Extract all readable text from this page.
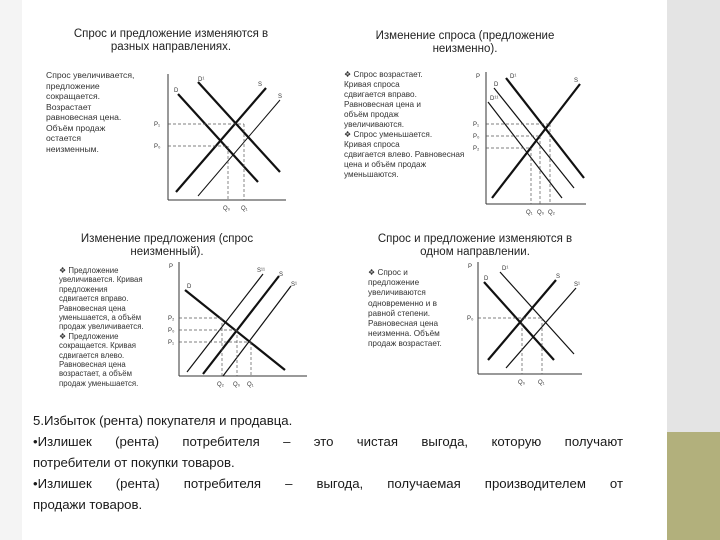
Спрос и предложение изменяются в
разных направлениях.
Спрос увеличивается,
предложение
сокращается.
Возрастает
равновесная цена.
Объём продаж
остается
неизменным.
D¹
D
S
S
P₁
P₀
Q₀ Q₁
Изменение спроса (предложение
неизменно).
❖ Спрос возрастает.
Кривая спроса
сдвигается вправо.
Равновесная цена и
объём продаж
увеличиваются.
❖ Спрос уменьшается.
Кривая спроса
сдвигается влево. Равновесная
цена и объём продаж
уменьшаются.
D¹
D
D¹¹
S
P
P₁
P₀
P₂
Q₁ Q₀ Q₂
Изменение предложения (спрос
неизменный).
❖ Предложение
увеличивается. Кривая
предложения
сдвигается вправо.
Равновесная цена
уменьшается, а объём
продаж увеличивается.
❖ Предложение
сокращается. Кривая
сдвигается влево.
Равновесная цена
возрастает, а объём
продаж уменьшается.
S¹¹
S
S¹
D
P
P₂
P₀
P₁
Q₂ Q₀ Q₁
Спрос и предложение изменяются в
одном направлении.
❖ Спрос и
предложение
увеличиваются
одновременно и в
равной степени.
Равновесная цена
неизменна. Объём
продаж возрастает.
D¹
D	S
S¹
P
P₀
Q₀ Q₁
5.Избыток (рента) покупателя и продавца.
•Излишек (рента) потребителя – это чистая выгода, которую получают
потребители от покупки товаров.
•Излишек (рента) потребителя – выгода, получаемая производителем от
продажи товаров.
